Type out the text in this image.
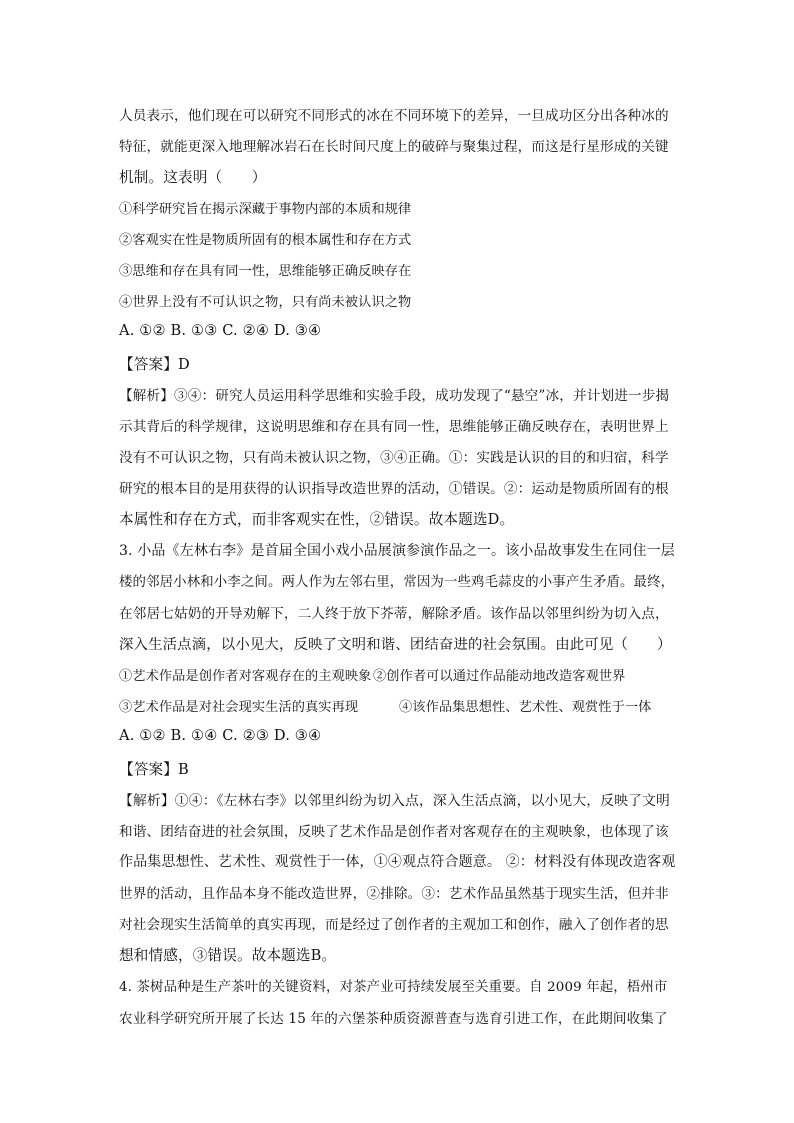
人员表示，他们现在可以研究不同形式的冰在不同环境下的差异，一旦成功区分出各种冰的
特征，就能更深入地理解冰岩石在长时间尺度上的破碎与聚集过程，而这是行星形成的关键
机制。这表明（　　）
①科学研究旨在揭示深藏于事物内部的本质和规律
②客观实在性是物质所固有的根本属性和存在方式
③思维和存在具有同一性，思维能够正确反映存在
④世界上没有不可认识之物，只有尚未被认识之物
A. ①② B. ①③ C. ②④ D. ③④
【答案】D
【解析】③④：研究人员运用科学思维和实验手段，成功发现了“悬空”冰，并计划进一步揭
示其背后的科学规律，这说明思维和存在具有同一性，思维能够正确反映存在，表明世界上
没有不可认识之物，只有尚未被认识之物，③④正确。①：实践是认识的目的和归宿，科学
研究的根本目的是用获得的认识指导改造世界的活动，①错误。②：运动是物质所固有的根
本属性和存在方式，而非客观实在性，②错误。故本题选D。
3. 小品《左林右李》是首届全国小戏小品展演参演作品之一。该小品故事发生在同住一层
楼的邻居小林和小李之间。两人作为左邻右里，常因为一些鸡毛蒜皮的小事产生矛盾。最终，
在邻居七姑奶的开导劝解下，二人终于放下芥蒂，解除矛盾。该作品以邻里纠纷为切入点，
深入生活点滴，以小见大，反映了文明和谐、团结奋进的社会氛围。由此可见（　　）
①艺术作品是创作者对客观存在的主观映象 ②创作者可以通过作品能动地改造客观世界
③艺术作品是对社会现实生活的真实再现	④该作品集思想性、艺术性、观赏性于一体
A. ①② B. ①④ C. ②③ D. ③④
【答案】B
【解析】①④：《左林右李》以邻里纠纷为切入点，深入生活点滴，以小见大，反映了文明
和谐、团结奋进的社会氛围，反映了艺术作品是创作者对客观存在的主观映象，也体现了该
作品集思想性、艺术性、观赏性于一体，①④观点符合题意。 ②：材料没有体现改造客观
世界的活动，且作品本身不能改造世界，②排除。③：艺术作品虽然基于现实生活，但并非
对社会现实生活简单的真实再现，而是经过了创作者的主观加工和创作，融入了创作者的思
想和情感，③错误。故本题选B。
4. 茶树品种是生产茶叶的关键资料，对茶产业可持续发展至关重要。自 2009 年起，梧州市
农业科学研究所开展了长达 15 年的六堡茶种质资源普查与选育引进工作，在此期间收集了
